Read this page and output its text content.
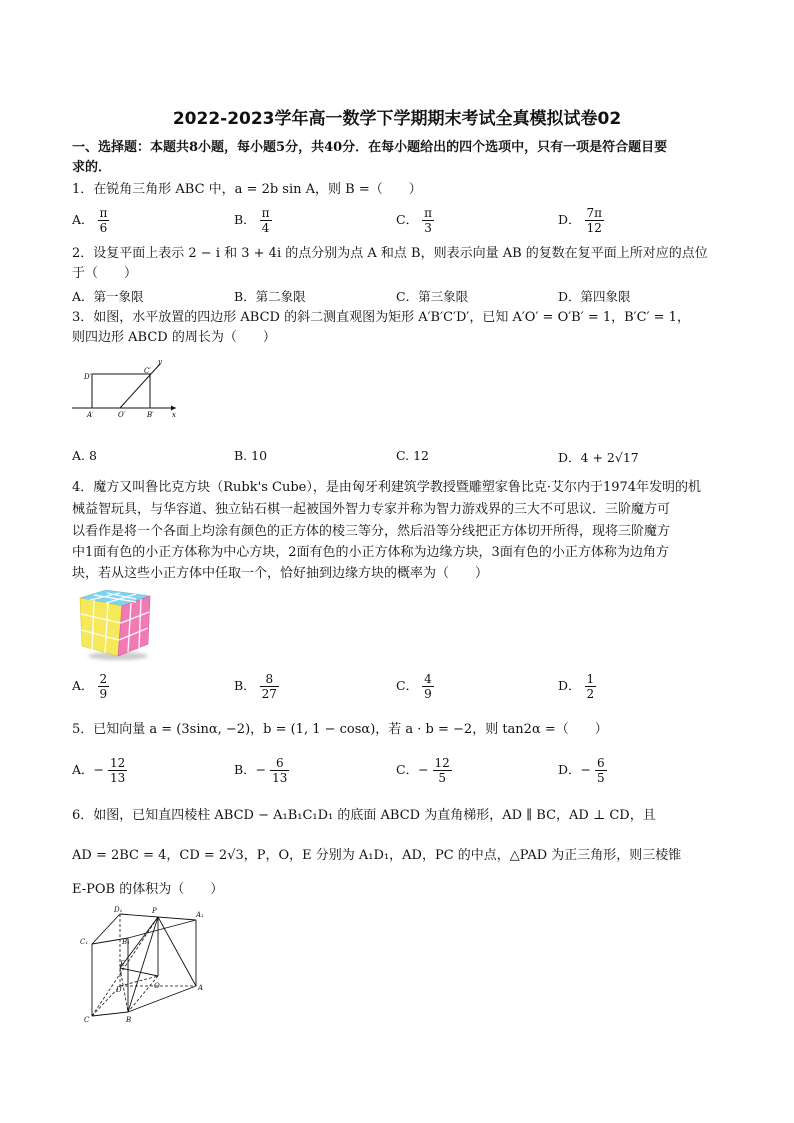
2022-2023学年高一数学下学期期末考试全真模拟试卷02
一、选择题：本题共8小题，每小题5分，共40分．在每小题给出的四个选项中，只有一项是符合题目要
求的．
1．在锐角三角形 ABC 中，a = 2b sin A，则 B =（　　）
A． $\frac{\pi}{6}$	B． $\frac{\pi}{4}$	C． $\frac{\pi}{3}$	D． $\frac{7\pi}{12}$
2．设复平面上表示 2 − i 和 3 + 4i 的点分别为点 A 和点 B，则表示向量 AB 的复数在复平面上所对应的点位
于（　　）
A．第一象限	B．第二象限	C．第三象限	D．第四象限
3．如图，水平放置的四边形 ABCD 的斜二测直观图为矩形 A′B′C′D′，已知 A′O′ = O′B′ = 1，B′C′ = 1，
则四边形 ABCD 的周长为（　　）
D′
C′
A′	O′	B′	x
y′
A. 8	B. 10	C. 12	D．4 + 2√17
4．魔方又叫鲁比克方块（Rubk's Cube），是由匈牙利建筑学教授暨雕塑家鲁比克·艾尔内于1974年发明的机
械益智玩具，与华容道、独立钻石棋一起被国外智力专家并称为智力游戏界的三大不可思议．三阶魔方可
以看作是将一个各面上均涂有颜色的正方体的棱三等分，然后沿等分线把正方体切开所得，现将三阶魔方
中1面有色的小正方体称为中心方块，2面有色的小正方体称为边缘方块，3面有色的小正方体称为边角方
块，若从这些小正方体中任取一个，恰好抽到边缘方块的概率为（　　）
A． $\frac{2}{9}$	B． $\frac{8}{27}$	C． $\frac{4}{9}$	D． $\frac{1}{2}$
5．已知向量 a = (3sinα, −2)，b = (1, 1 − cosα)，若 a · b = −2，则 tan2α =（　　）
A．− $\frac{12}{13}$	B．− $\frac{6}{13}$	C．− $\frac{12}{5}$	D．− $\frac{6}{5}$
6．如图，已知直四棱柱 ABCD − A₁B₁C₁D₁ 的底面 ABCD 为直角梯形，AD ∥ BC，AD ⊥ CD，且
AD = 2BC = 4，CD = 2√3，P，O，E 分别为 A₁D₁，AD，PC 的中点，△PAD 为正三角形，则三棱锥
E-POB 的体积为（　　）
D₁	P	A₁
C₁	B₁
E
D	O	A
C	B
